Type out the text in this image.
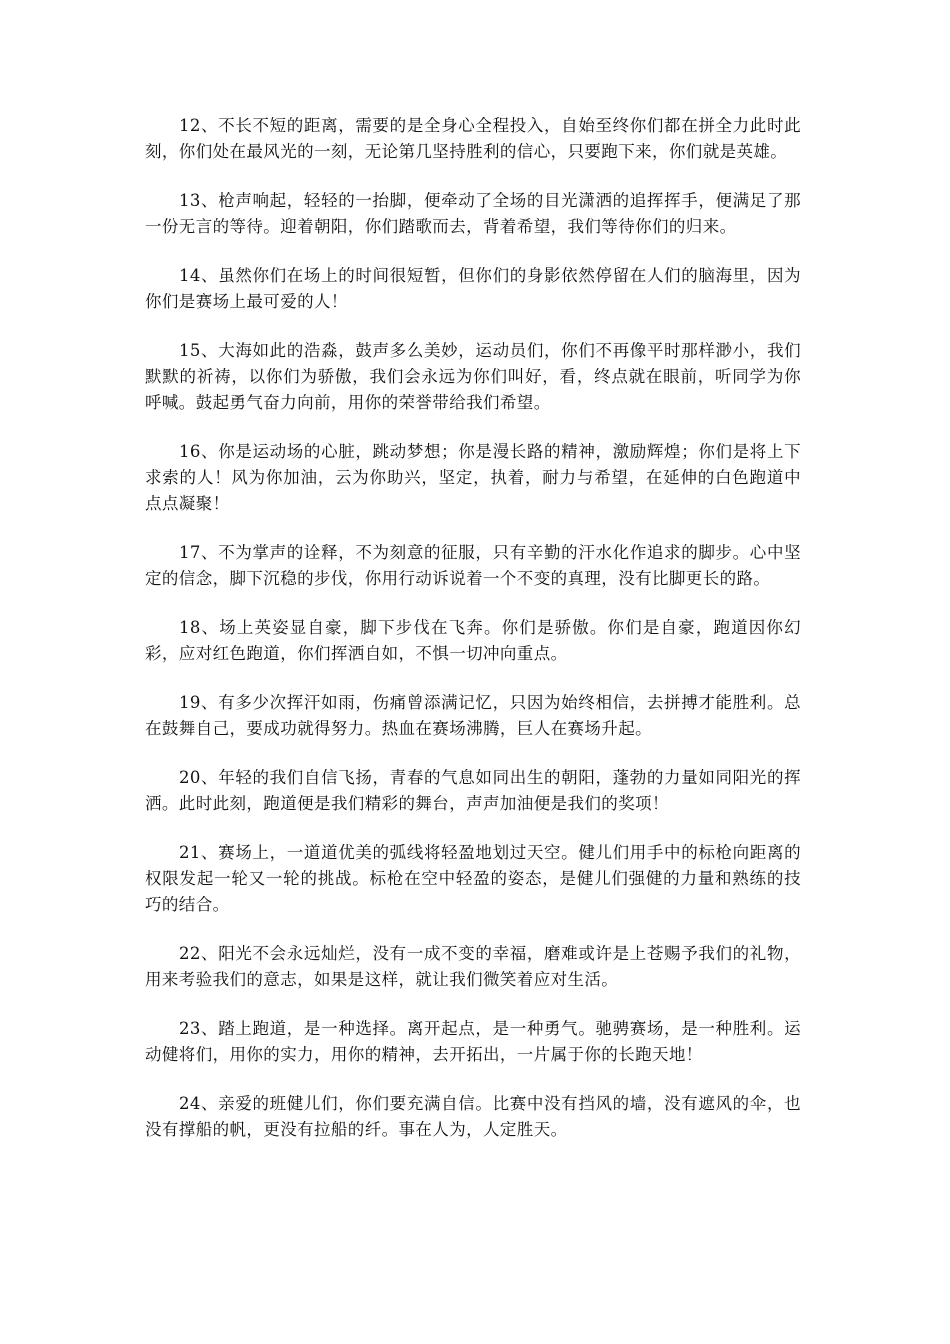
12、不长不短的距离，需要的是全身心全程投入，自始至终你们都在拼全力此时此刻，你们处在最风光的一刻，无论第几坚持胜利的信心，只要跑下来，你们就是英雄。

13、枪声响起，轻轻的一抬脚，便牵动了全场的目光潇洒的追挥挥手，便满足了那一份无言的等待。迎着朝阳，你们踏歌而去，背着希望，我们等待你们的归来。

14、虽然你们在场上的时间很短暂，但你们的身影依然停留在人们的脑海里，因为你们是赛场上最可爱的人！

15、大海如此的浩淼，鼓声多么美妙，运动员们，你们不再像平时那样渺小，我们默默的祈祷，以你们为骄傲，我们会永远为你们叫好，看，终点就在眼前，听同学为你呼喊。鼓起勇气奋力向前，用你的荣誉带给我们希望。

16、你是运动场的心脏，跳动梦想；你是漫长路的精神，激励辉煌；你们是将上下求索的人！风为你加油，云为你助兴，坚定，执着，耐力与希望，在延伸的白色跑道中点点凝聚！

17、不为掌声的诠释，不为刻意的征服，只有辛勤的汗水化作追求的脚步。心中坚定的信念，脚下沉稳的步伐，你用行动诉说着一个不变的真理，没有比脚更长的路。

18、场上英姿显自豪，脚下步伐在飞奔。你们是骄傲。你们是自豪，跑道因你幻彩，应对红色跑道，你们挥洒自如，不惧一切冲向重点。

19、有多少次挥汗如雨，伤痛曾添满记忆，只因为始终相信，去拼搏才能胜利。总在鼓舞自己，要成功就得努力。热血在赛场沸腾，巨人在赛场升起。

20、年轻的我们自信飞扬，青春的气息如同出生的朝阳，蓬勃的力量如同阳光的挥洒。此时此刻，跑道便是我们精彩的舞台，声声加油便是我们的奖项！

21、赛场上，一道道优美的弧线将轻盈地划过天空。健儿们用手中的标枪向距离的权限发起一轮又一轮的挑战。标枪在空中轻盈的姿态，是健儿们强健的力量和熟练的技巧的结合。

22、阳光不会永远灿烂，没有一成不变的幸福，磨难或许是上苍赐予我们的礼物，用来考验我们的意志，如果是这样，就让我们微笑着应对生活。

23、踏上跑道，是一种选择。离开起点，是一种勇气。驰骋赛场，是一种胜利。运动健将们，用你的实力，用你的精神，去开拓出，一片属于你的长跑天地！

24、亲爱的班健儿们，你们要充满自信。比赛中没有挡风的墙，没有遮风的伞，也没有撑船的帆，更没有拉船的纤。事在人为，人定胜天。
